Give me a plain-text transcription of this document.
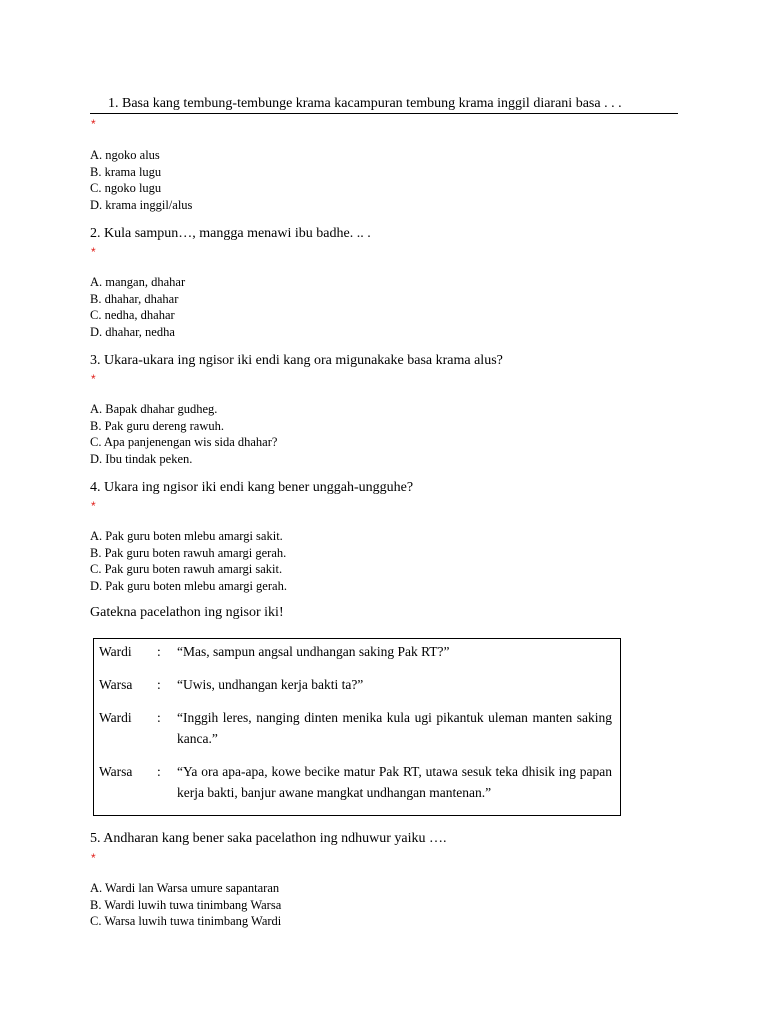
1. Basa kang tembung-tembunge krama kacampuran tembung krama inggil diarani basa . . .
*
A. ngoko alus
B. krama lugu
C. ngoko lugu
D. krama inggil/alus
2. Kula sampun…, mangga menawi ibu badhe. .. .
*
A. mangan, dhahar
B. dhahar, dhahar
C. nedha, dhahar
D. dhahar, nedha
3. Ukara-ukara ing ngisor iki endi kang ora migunakake basa krama alus?
*
A. Bapak dhahar gudheg.
B. Pak guru dereng rawuh.
C. Apa panjenengan wis sida dhahar?
D. Ibu tindak peken.
4. Ukara ing ngisor iki endi kang bener unggah-ungguhe?
*
A. Pak guru boten mlebu amargi sakit.
B. Pak guru boten rawuh amargi gerah.
C. Pak guru boten rawuh amargi sakit.
D. Pak guru boten mlebu amargi gerah.
Gatekna pacelathon ing ngisor iki!
Wardi	: “Mas, sampun angsal undhangan saking Pak RT?”
Warsa	: “Uwis, undhangan kerja bakti ta?”
Wardi	: “Inggih leres, nanging dinten menika kula ugi pikantuk uleman manten saking kanca.”
Warsa	: “Ya ora apa-apa, kowe becike matur Pak RT, utawa sesuk teka dhisik ing papan kerja bakti, banjur awane mangkat undhangan mantenan.”
5. Andharan kang bener saka pacelathon ing ndhuwur yaiku ….
*
A. Wardi lan Warsa umure sapantaran
B. Wardi luwih tuwa tinimbang Warsa
C. Warsa luwih tuwa tinimbang Wardi
